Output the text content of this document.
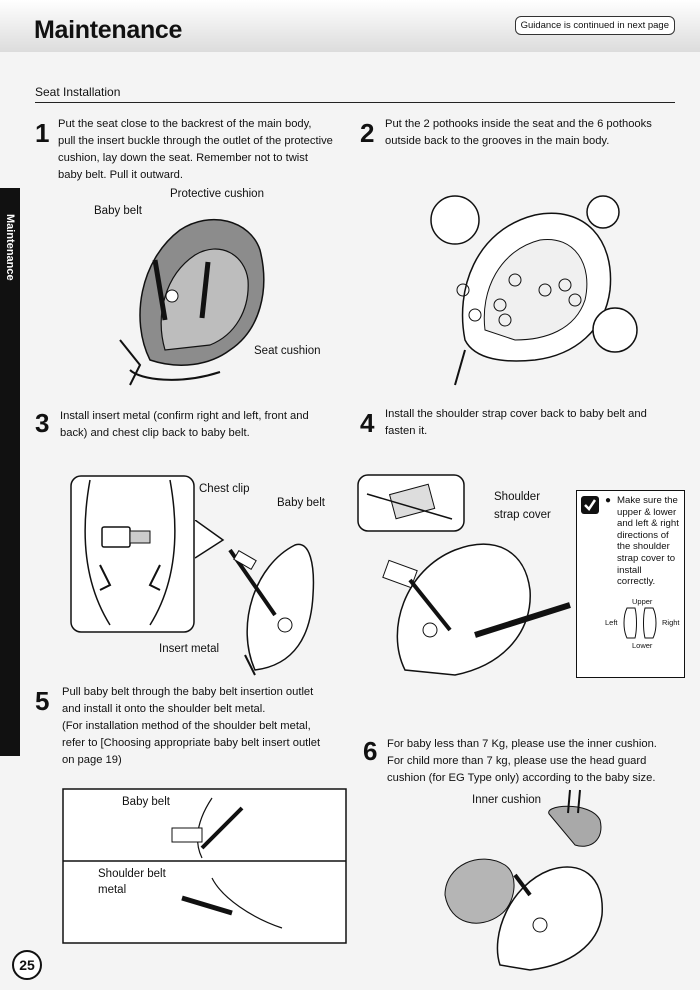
Maintenance	Guidance is continued in next page
Maintenance
Seat Installation
1 Put the seat close to the backrest of the main body,
pull the insert buckle through the outlet of the protective
cushion, lay down the seat. Remember not to twist
baby belt. Pull it outward.
Protective cushion
Baby belt
Seat cushion
2 Put the 2 pothooks inside the seat and the 6 pothooks
outside back to the grooves in the main body.
3 Install insert metal (confirm right and left, front and
back) and chest clip back to baby belt.
Chest clip
Baby belt
Insert metal
4 Install the shoulder strap cover back to baby belt and
fasten it.
Shoulder
strap cover
● Make sure the
upper & lower
and left & right
directions of
the shoulder
strap cover to
install
correctly.
Upper
Left	Right
Lower
5 Pull baby belt through the baby belt insertion outlet
and install it onto the shoulder belt metal.
(For installation method of the shoulder belt metal,
refer to [Choosing appropriate baby belt insert outlet
on page 19)
Baby belt
Shoulder belt
metal
6 For baby less than 7 Kg, please use the inner cushion.
For child more than 7 kg, please use the head guard
cushion (for EG Type only) according to the baby size.
Inner cushion
25
